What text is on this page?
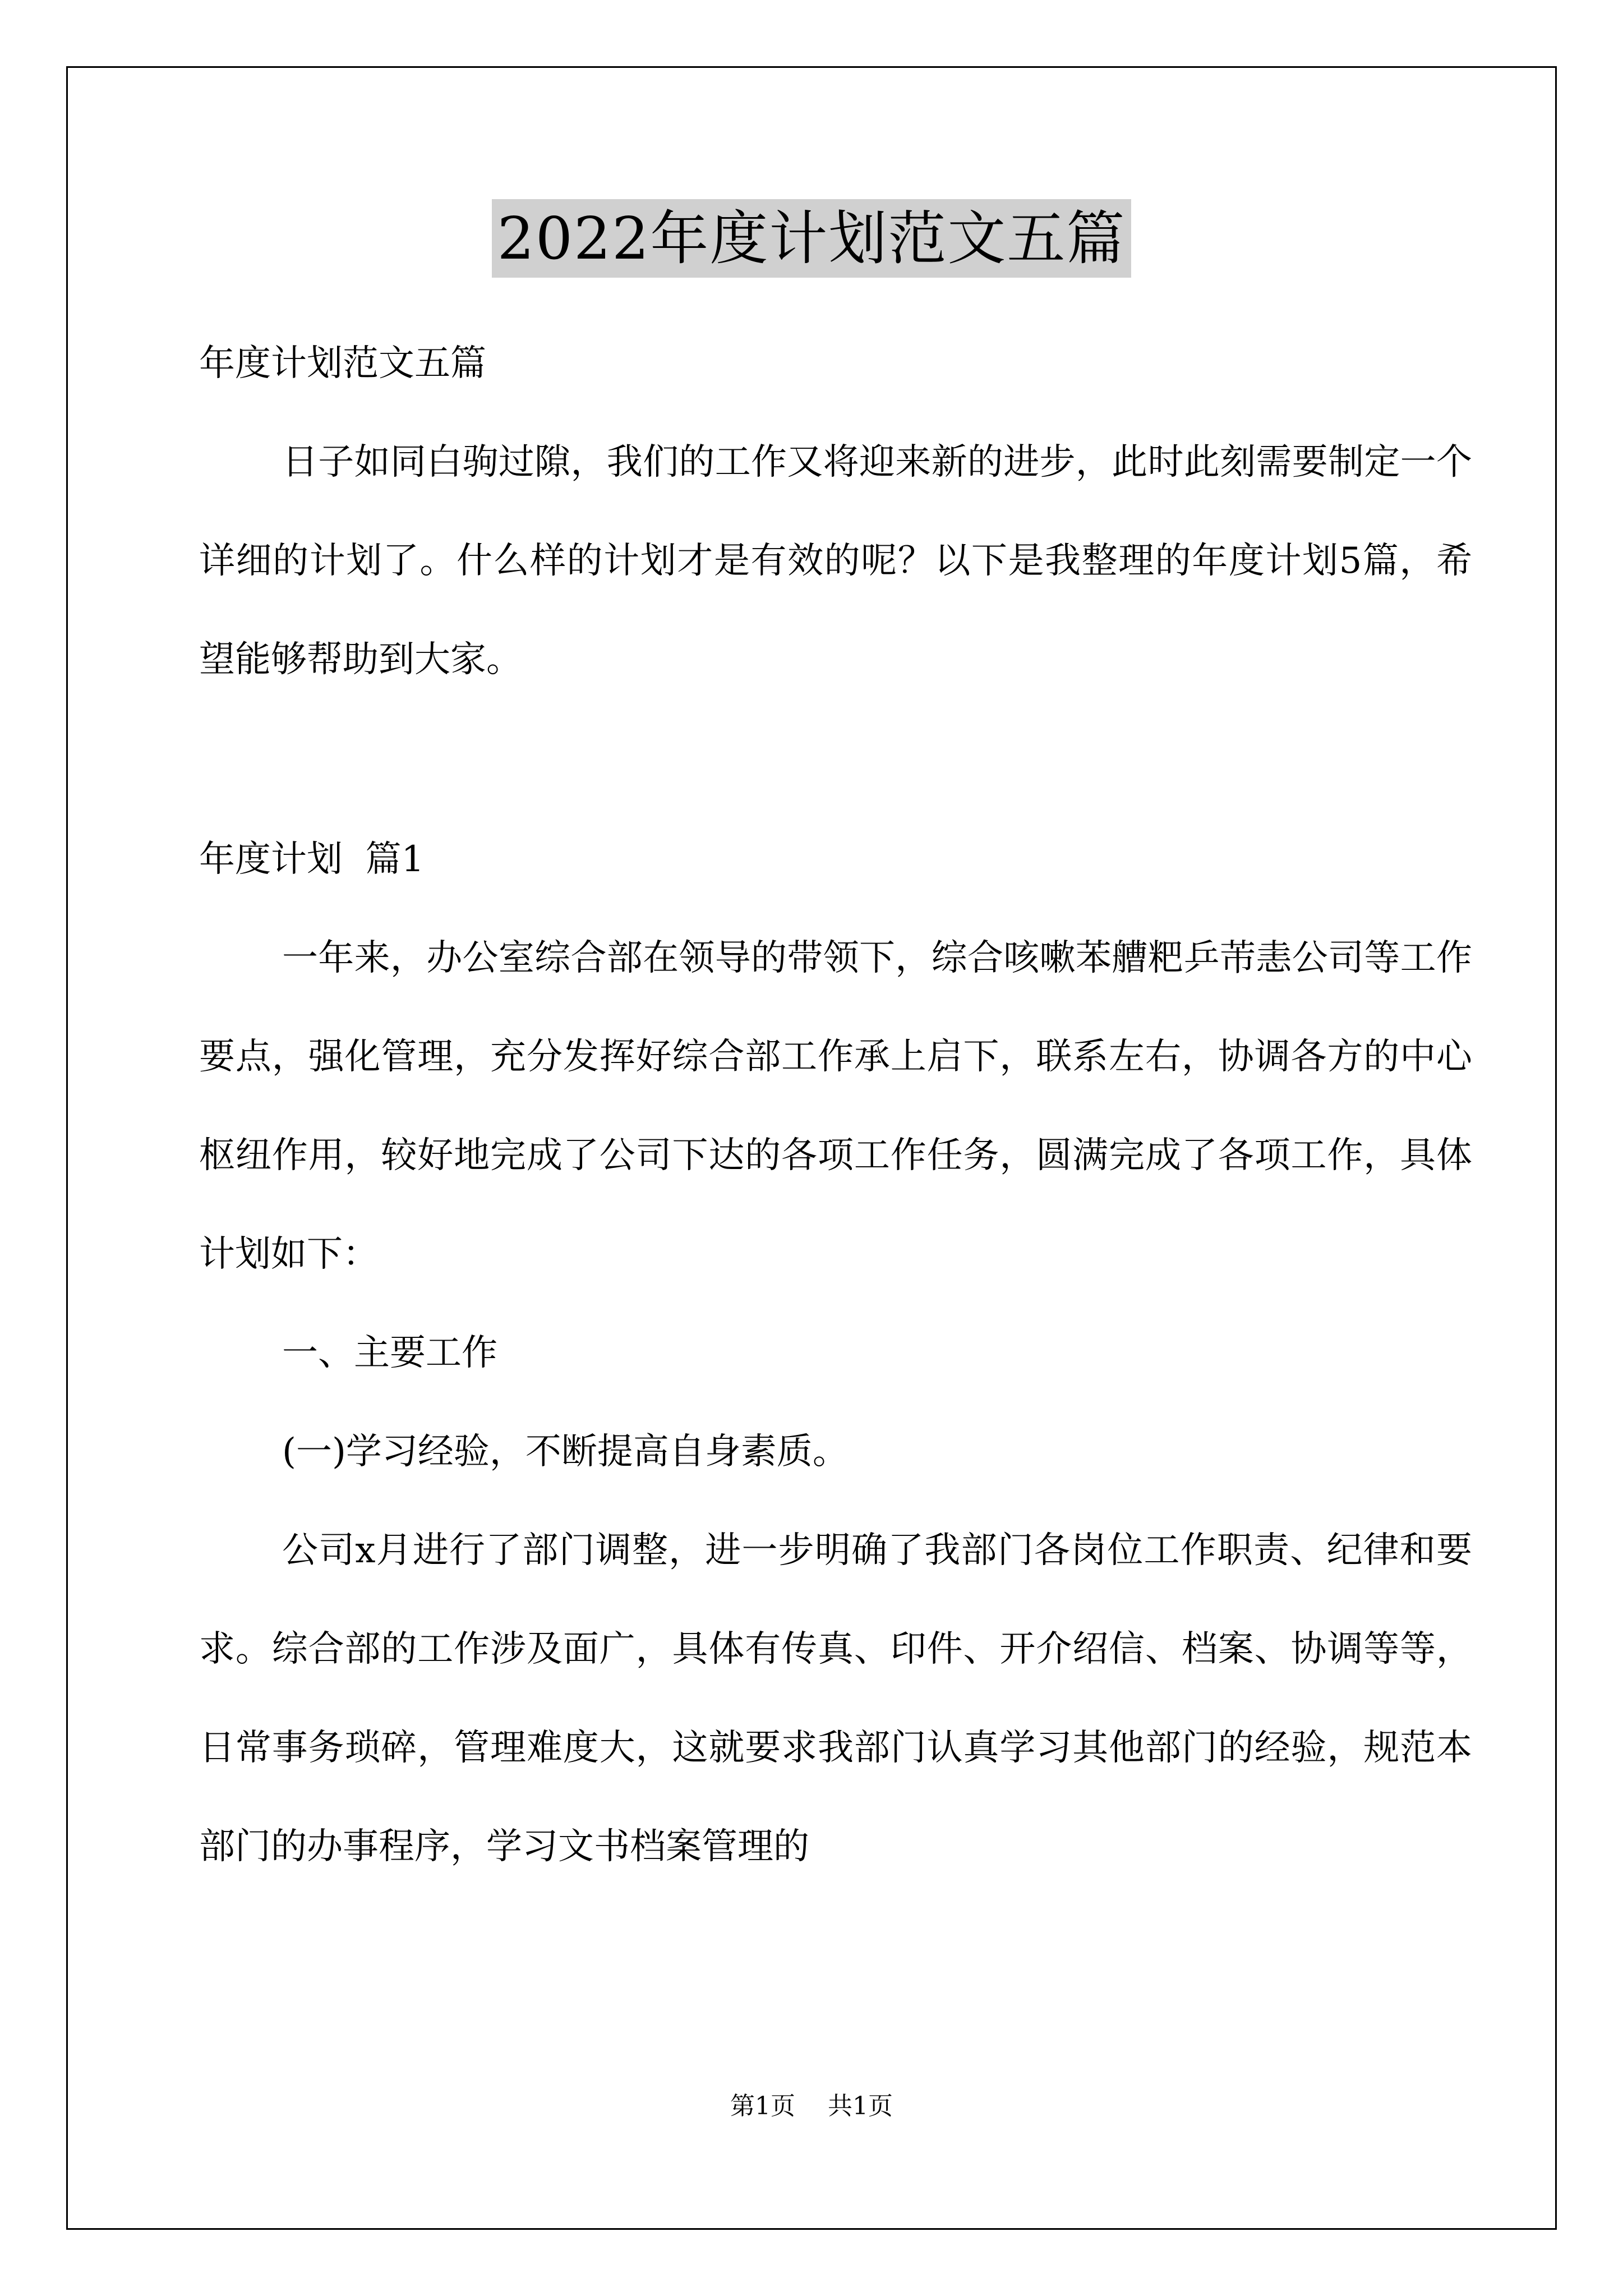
2022年度计划范文五篇

年度计划范文五篇

日子如同白驹过隙，我们的工作又将迎来新的进步，此时此刻需要制定一个详细的计划了。什么样的计划才是有效的呢？以下是我整理的年度计划5篇，希望能够帮助到大家。

年度计划  篇1

一年来，办公室综合部在领导的带领下，综合咳嗽苯艚粑乒芾恚公司等工作要点，强化管理，充分发挥好综合部工作承上启下，联系左右，协调各方的中心枢纽作用，较好地完成了公司下达的各项工作任务，圆满完成了各项工作，具体计划如下：

一、主要工作

(一)学习经验，不断提高自身素质。

公司x月进行了部门调整，进一步明确了我部门各岗位工作职责、纪律和要求。综合部的工作涉及面广，具体有传真、印件、开介绍信、档案、协调等等，日常事务琐碎，管理难度大，这就要求我部门认真学习其他部门的经验，规范本部门的办事程序，学习文书档案管理的

第1页 共1页
